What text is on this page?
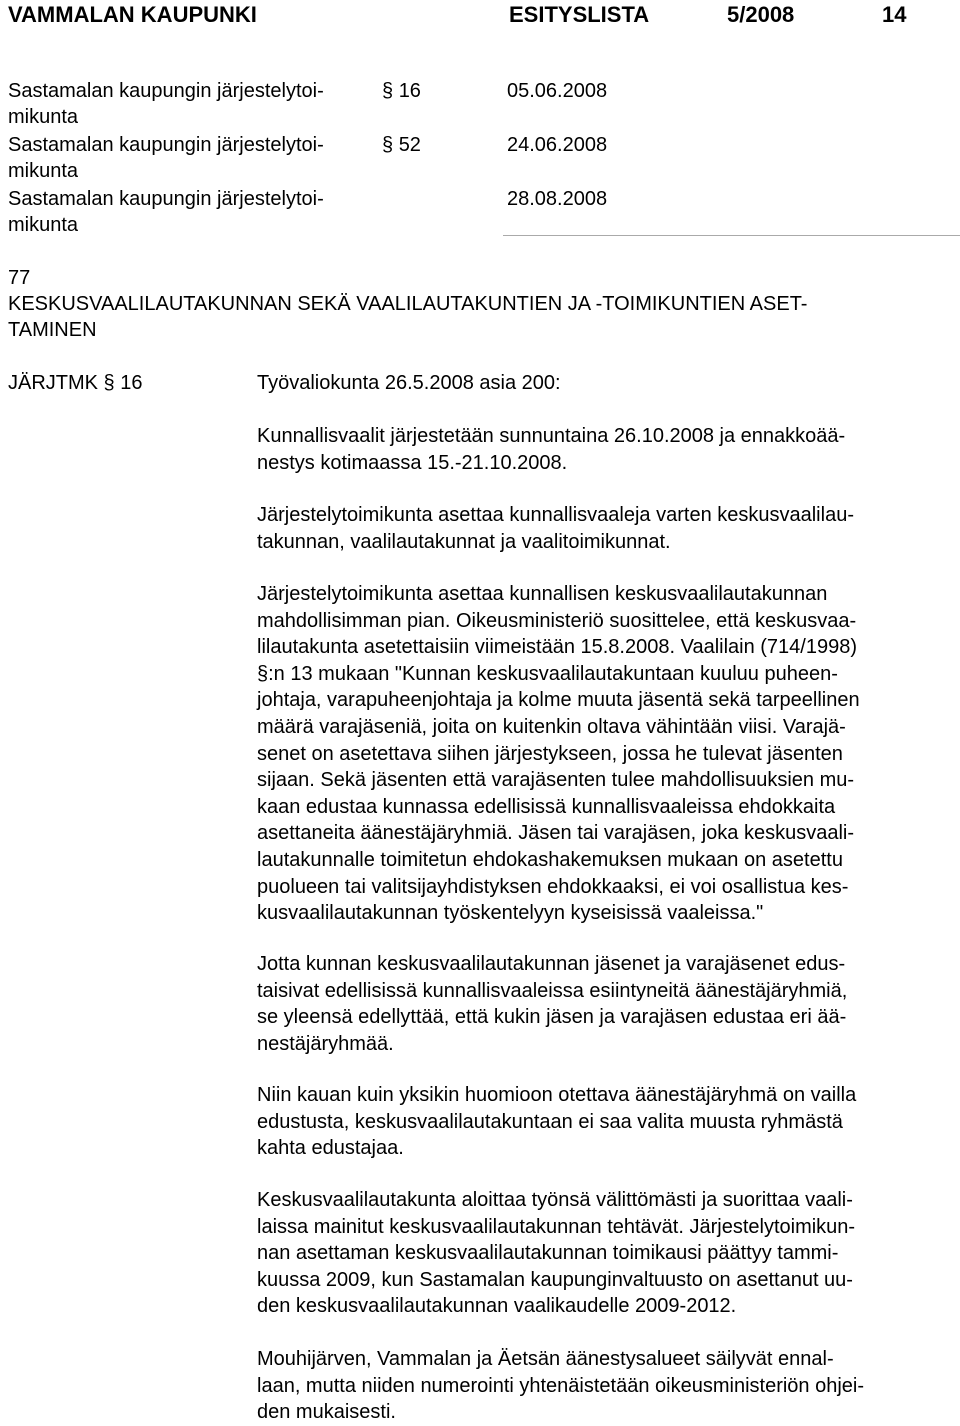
VAMMALAN KAUPUNKI	ESITYSLISTA	5/2008	14
Sastamalan kaupungin järjestelytoi-
mikunta
§ 16	05.06.2008
Sastamalan kaupungin järjestelytoi-
mikunta
§ 52	24.06.2008
Sastamalan kaupungin järjestelytoi-
mikunta
28.08.2008
77
KESKUSVAALILAUTAKUNNAN SEKÄ VAALILAUTAKUNTIEN JA -TOIMIKUNTIEN ASET-
TAMINEN
JÄRJTMK § 16	Työvaliokunta 26.5.2008 asia 200:
Kunnallisvaalit järjestetään sunnuntaina 26.10.2008 ja ennakkoää-
nestys kotimaassa 15.-21.10.2008.
Järjestelytoimikunta asettaa kunnallisvaaleja varten keskusvaalilau-
takunnan, vaalilautakunnat ja vaalitoimikunnat.
Järjestelytoimikunta asettaa kunnallisen keskusvaalilautakunnan
mahdollisimman pian. Oikeusministeriö suosittelee, että keskusvaa-
lilautakunta asetettaisiin viimeistään 15.8.2008. Vaalilain (714/1998)
§:n 13 mukaan "Kunnan keskusvaalilautakuntaan kuuluu puheen-
johtaja, varapuheenjohtaja ja kolme muuta jäsentä sekä tarpeellinen
määrä varajäseniä, joita on kuitenkin oltava vähintään viisi. Varajä-
senet on asetettava siihen järjestykseen, jossa he tulevat jäsenten
sijaan. Sekä jäsenten että varajäsenten tulee mahdollisuuksien mu-
kaan edustaa kunnassa edellisissä kunnallisvaaleissa ehdokkaita
asettaneita äänestäjäryhmiä. Jäsen tai varajäsen, joka keskusvaali-
lautakunnalle toimitetun ehdokashakemuksen mukaan on asetettu
puolueen tai valitsijayhdistyksen ehdokkaaksi, ei voi osallistua kes-
kusvaalilautakunnan työskentelyyn kyseisissä vaaleissa."
Jotta kunnan keskusvaalilautakunnan jäsenet ja varajäsenet edus-
taisivat edellisissä kunnallisvaaleissa esiintyneitä äänestäjäryhmiä,
se yleensä edellyttää, että kukin jäsen ja varajäsen edustaa eri ää-
nestäjäryhmää.
Niin kauan kuin yksikin huomioon otettava äänestäjäryhmä on vailla
edustusta, keskusvaalilautakuntaan ei saa valita muusta ryhmästä
kahta edustajaa.
Keskusvaalilautakunta aloittaa työnsä välittömästi ja suorittaa vaali-
laissa mainitut keskusvaalilautakunnan tehtävät. Järjestelytoimikun-
nan asettaman keskusvaalilautakunnan toimikausi päättyy tammi-
kuussa 2009, kun Sastamalan kaupunginvaltuusto on asettanut uu-
den keskusvaalilautakunnan vaalikaudelle 2009-2012.
Mouhijärven, Vammalan ja Äetsän äänestysalueet säilyvät ennal-
laan, mutta niiden numerointi yhtenäistetään oikeusministeriön ohjei-
den mukaisesti.
